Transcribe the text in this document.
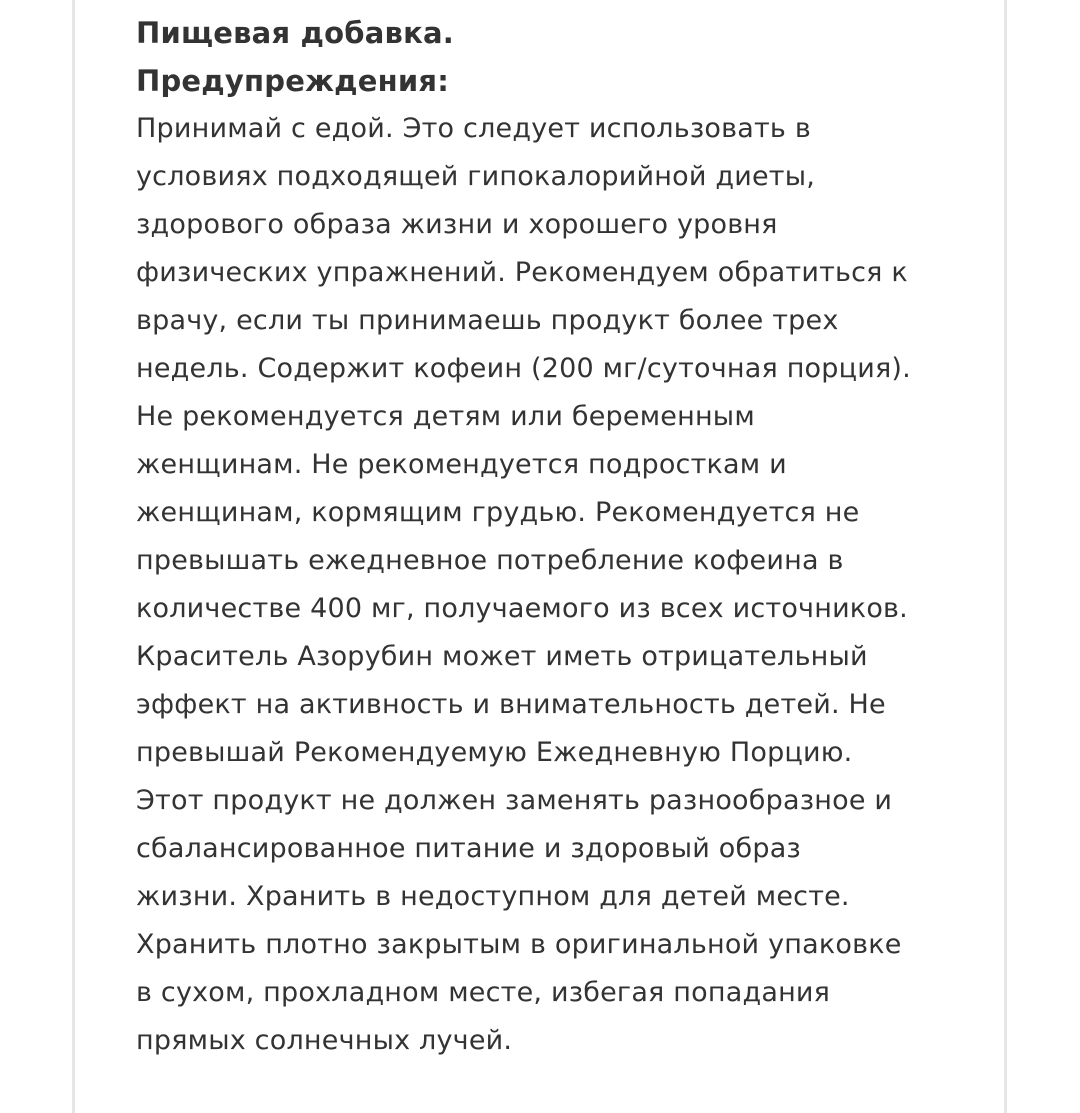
Пищевая добавка.
Предупреждения:
Принимай с едой. Это следует использовать в
условиях подходящей гипокалорийной диеты,
здорового образа жизни и хорошего уровня
физических упражнений. Рекомендуем обратиться к
врачу, если ты принимаешь продукт более трех
недель. Содержит кофеин (200 мг/суточная порция).
Не рекомендуется детям или беременным
женщинам. Не рекомендуется подросткам и
женщинам, кормящим грудью. Рекомендуется не
превышать ежедневное потребление кофеина в
количестве 400 мг, получаемого из всех источников.
Краситель Азорубин может иметь отрицательный
эффект на активность и внимательность детей. Не
превышай Рекомендуемую Ежедневную Порцию.
Этот продукт не должен заменять разнообразное и
сбалансированное питание и здоровый образ
жизни. Хранить в недоступном для детей месте.
Хранить плотно закрытым в оригинальной упаковке
в сухом, прохладном месте, избегая попадания
прямых солнечных лучей.
